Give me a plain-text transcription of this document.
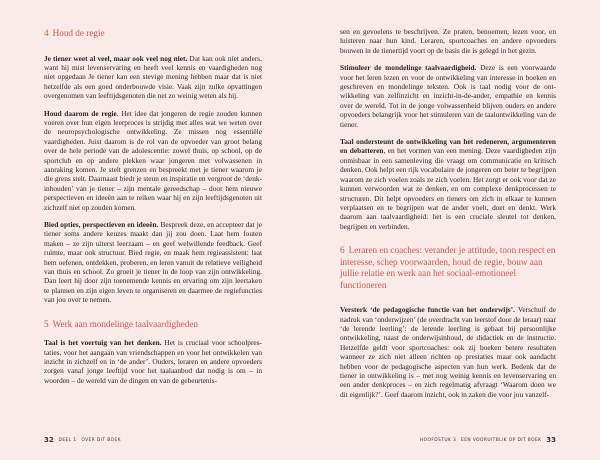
4 Houd de regie

Je tiener weet al veel, maar ook veel nog niet. Dat kan ook niet anders, want hij mist levenservaring en heeft veel kennis en vaardigheden nog niet opgedaan Je tiener kan een stevige mening hebben maar dat is niet hetzelfde als een goed onderbouwde visie. Vaak zijn zulke opvattingen overgenomen van leeftijdsgenoten die net zo weinig weten als hij.

Houd daarom de regie. Het idee dat jongeren de regie zouden kunnen voeren over hun eigen leerproces is strijdig met alles wat we weten over de neuropsychologische ontwikkeling. Ze missen nog essentiële vaardigheden. Juist daarom is de rol van de opvoeder van groot belang over de hele periode van de adolescentie: zowel thuis, op school, op de sportclub en op andere plekken waar jongeren met volwassenen in aanraking komen. Je stelt grenzen en bespreekt met je tiener waarom je die grens stelt. Daarnaast biedt je steun en inspiratie en vergroot de ‘denk-inhouden’ van je tiener – zijn mentale gereedschap – door hem nieuwe perspectieven en ideeën aan te reiken waar hij en zijn leeftijdsgenoten uit zichzelf niet op zouden komen.

Bied opties, perspectieven en ideeën. Bespreek deze, en accepteer dat je tiener soms andere keuzes maakt dan jij zou doen. Laat hem fouten maken – ze zijn uiterst leerzaam – en geef welwillende feedback. Geef ruimte, maar ook structuur. Bied regie, en maak hem regieassistent: laat hem oefenen, ontdekken, proberen, en leren vanuit de relatieve veiligheid van thuis en school. Zo groeit je tiener in de loop van zijn ontwikkeling. Dan leert hij door zijn toenemende kennis en ervaring om zijn leertaken te plannen en zijn eigen leven te organiseren en daarmee de regiefuncties van jou over te nemen.

5 Werk aan mondelinge taalvaardigheden

Taal is het voertuig van het denken. Het is cruciaal voor schoolprestaties, voor het aangaan van vriendschappen en voor het ontwikkelen van inzicht in zichzelf en in ‘de ander’. Ouders, leraren en andere opvoeders zorgen vanaf jonge leeftijd voor het taalaanbod dat nodig is om – in woorden – de wereld van de dingen en van de gebeurtenis-

32 DEEL 1 OVER DIT BOEK

sen en gevoelens te beschrijven. Ze praten, benoemen, lezen voor, en luisteren naar hun kind. Leraren, sportcoaches en andere opvoeders bouwen in de tienertijd voort op de basis die is gelegd in het gezin.

Stimuleer de mondelinge taalvaardigheid. Deze is een voorwaarde voor het leren lezen en voor de ontwikkeling van interesse in boeken en geschreven en mondelinge teksten. Ook is taal nodig voor de ontwikkeling van zelfinzicht en inzicht-in-de-ander, empathie en kennis over de wereld. Tot in de jonge volwassenheid blijven ouders en andere opvoeders belangrijk voor het stimuleren van de taalontwikkeling van de tiener.

Taal ondersteunt de ontwikkeling van het redeneren, argumenteren en debatteren, en het vormen van een mening. Deze vaardigheden zijn onmisbaar in een samenleving die vraagt om communicatie en kritisch denken. Ook helpt een rijk vocabulaire de jongeren om beter te begrijpen waarom ze zich voelen zoals ze zich voelen. Het zorgt er ook voor dat ze kunnen verwoorden wat ze denken, en om complexe denkprocessen te structuren. Dit helpt opvoeders en tieners om zich in elkaar te kunnen verplaatsen en te begrijpen wat de ander voelt, doet en denkt. Werk daarom aan taalvaardigheid: het is een cruciale sleutel tot denken, begrijpen en verbinden.

6 Leraren en coaches: verander je attitude, toon respect en interesse, schep voorwaarden, houd de regie, bouw aan jullie relatie en werk aan het sociaal-emotioneel functioneren

Versterk ‘de pedagogische functie van het onderwijs’. Verschuif de nadruk van ‘onderwijzen’ (de overdracht van leerstof door de leraar) naar ‘de lerende leerling’: de lerende leerling is gebaat bij persoonlijke ontwikkeling, naast de onderwijsinhoud, de didactiek en de instructie. Hetzelfde geldt voor sportcoaches: ook zij boeken betere resultaten wanneer ze zich niet alleen richten op prestaties maar ook aandacht hebben voor de pedagogische aspecten van hun werk. Bedenk dat de tiener in ontwikkeling is – met nog weinig kennis en levenservaring en een ander denkproces – en zich regelmatig afvraagt ‘Waarom doen we dit eigenlijk?’. Geef daarom inzicht, ook in zaken die voor jou vanzelf-

HOOFDSTUK 3 EEN VOORUITBLIK OP DIT BOEK 33
